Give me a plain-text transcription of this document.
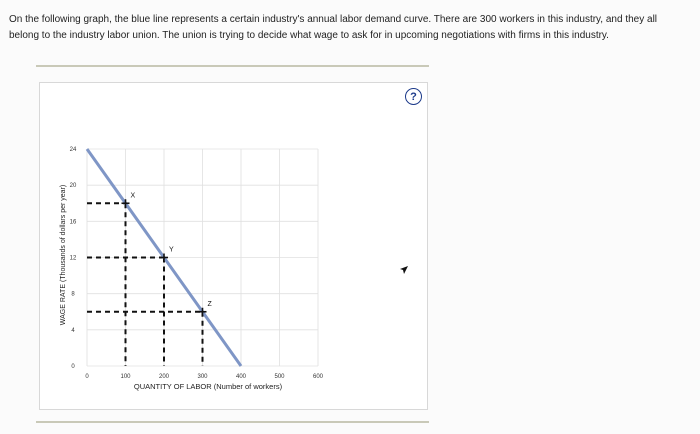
On the following graph, the blue line represents a certain industry's annual labor demand curve. There are 300 workers in this industry, and they all belong to the industry labor union. The union is trying to decide what wage to ask for in upcoming negotiations with firms in this industry.
X
Y
Z
0	100	200	300	400	500	600
0
4
8
12
16
20
24
QUANTITY OF LABOR (Number of workers)
WAGE RATE (Thousands of dollars per year)
?
